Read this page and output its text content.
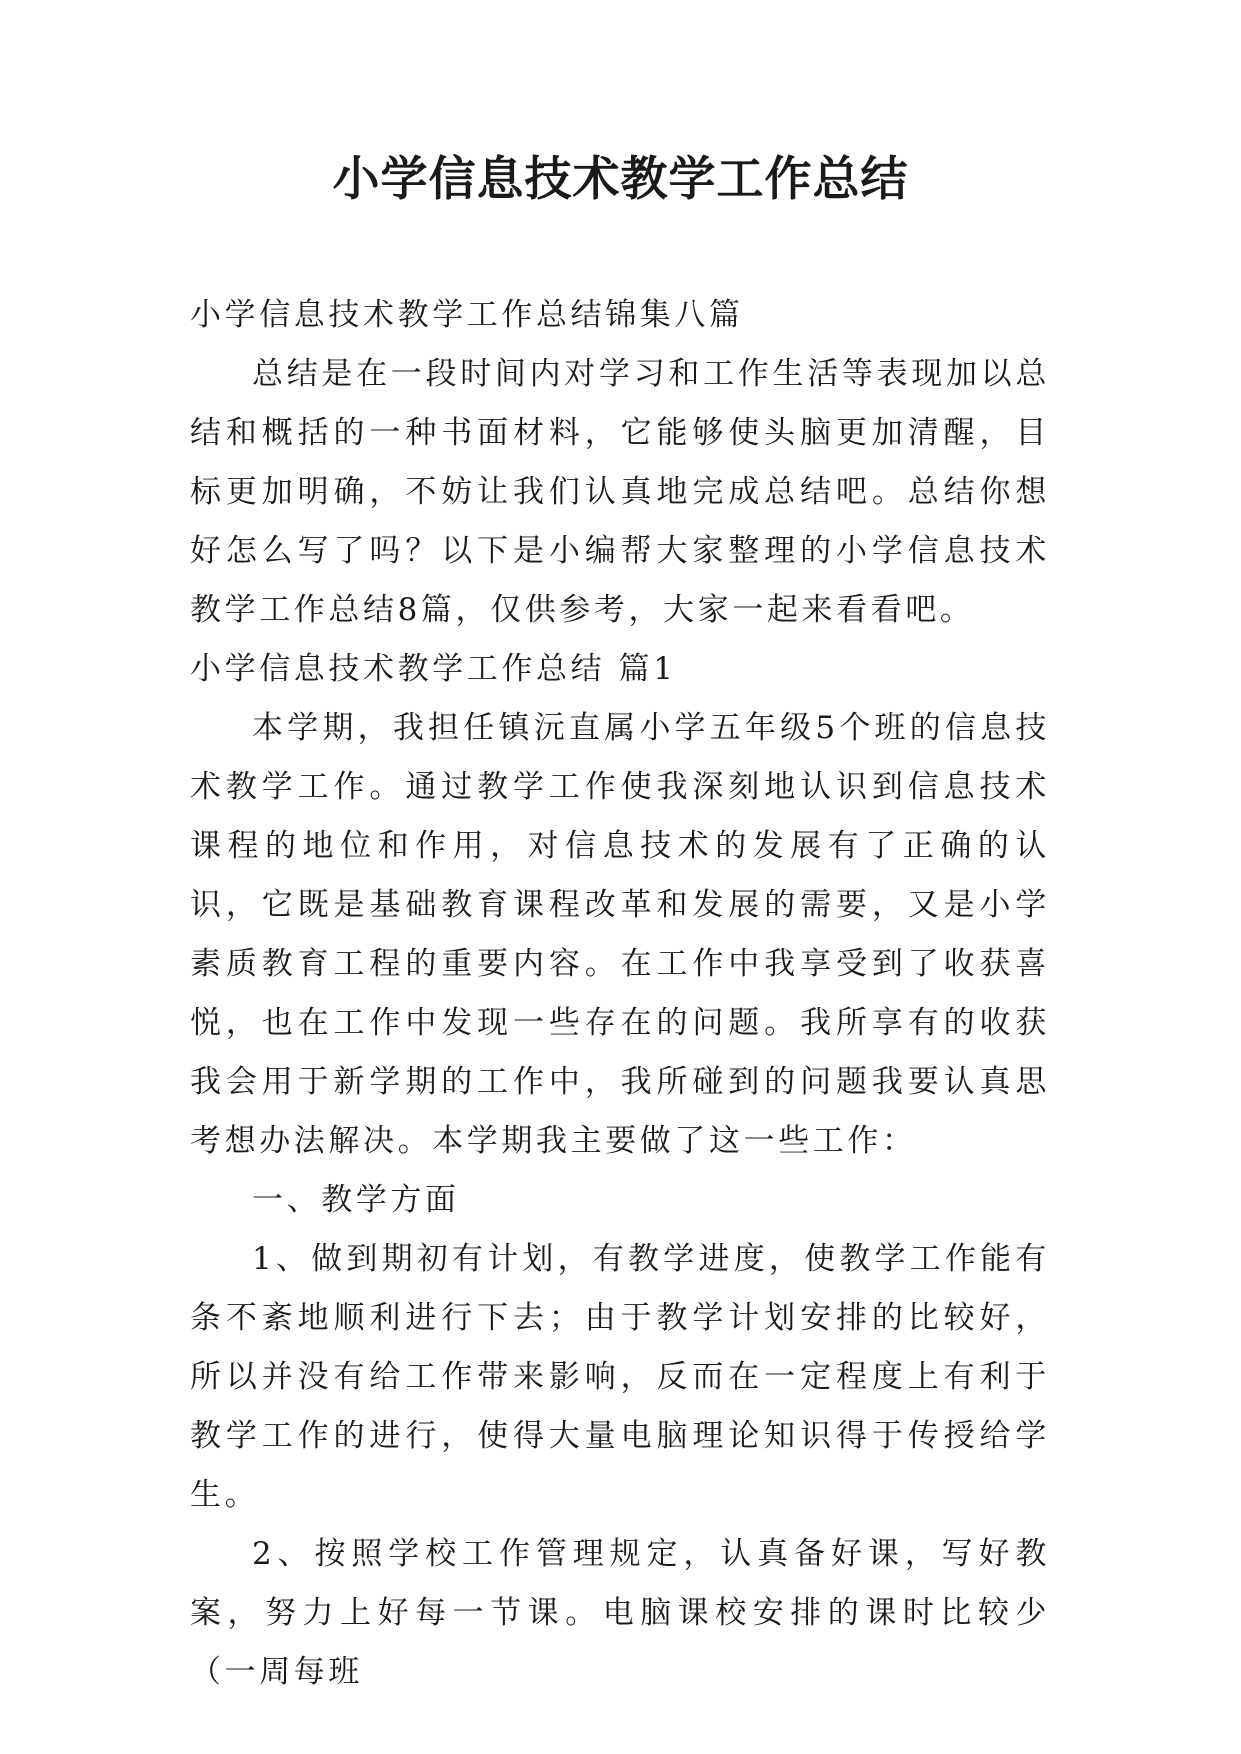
小学信息技术教学工作总结

小学信息技术教学工作总结锦集八篇

总结是在一段时间内对学习和工作生活等表现加以总结和概括的一种书面材料，它能够使头脑更加清醒，目标更加明确，不妨让我们认真地完成总结吧。总结你想好怎么写了吗？以下是小编帮大家整理的小学信息技术教学工作总结8篇，仅供参考，大家一起来看看吧。

小学信息技术教学工作总结 篇1

本学期，我担任镇沅直属小学五年级5个班的信息技术教学工作。通过教学工作使我深刻地认识到信息技术课程的地位和作用，对信息技术的发展有了正确的认识，它既是基础教育课程改革和发展的需要，又是小学素质教育工程的重要内容。在工作中我享受到了收获喜悦，也在工作中发现一些存在的问题。我所享有的收获我会用于新学期的工作中，我所碰到的问题我要认真思考想办法解决。本学期我主要做了这一些工作：

一、教学方面

1、做到期初有计划，有教学进度，使教学工作能有条不紊地顺利进行下去；由于教学计划安排的比较好，所以并没有给工作带来影响，反而在一定程度上有利于教学工作的进行，使得大量电脑理论知识得于传授给学生。

2、按照学校工作管理规定，认真备好课，写好教案，努力上好每一节课。电脑课校安排的课时比较少（一周每班
